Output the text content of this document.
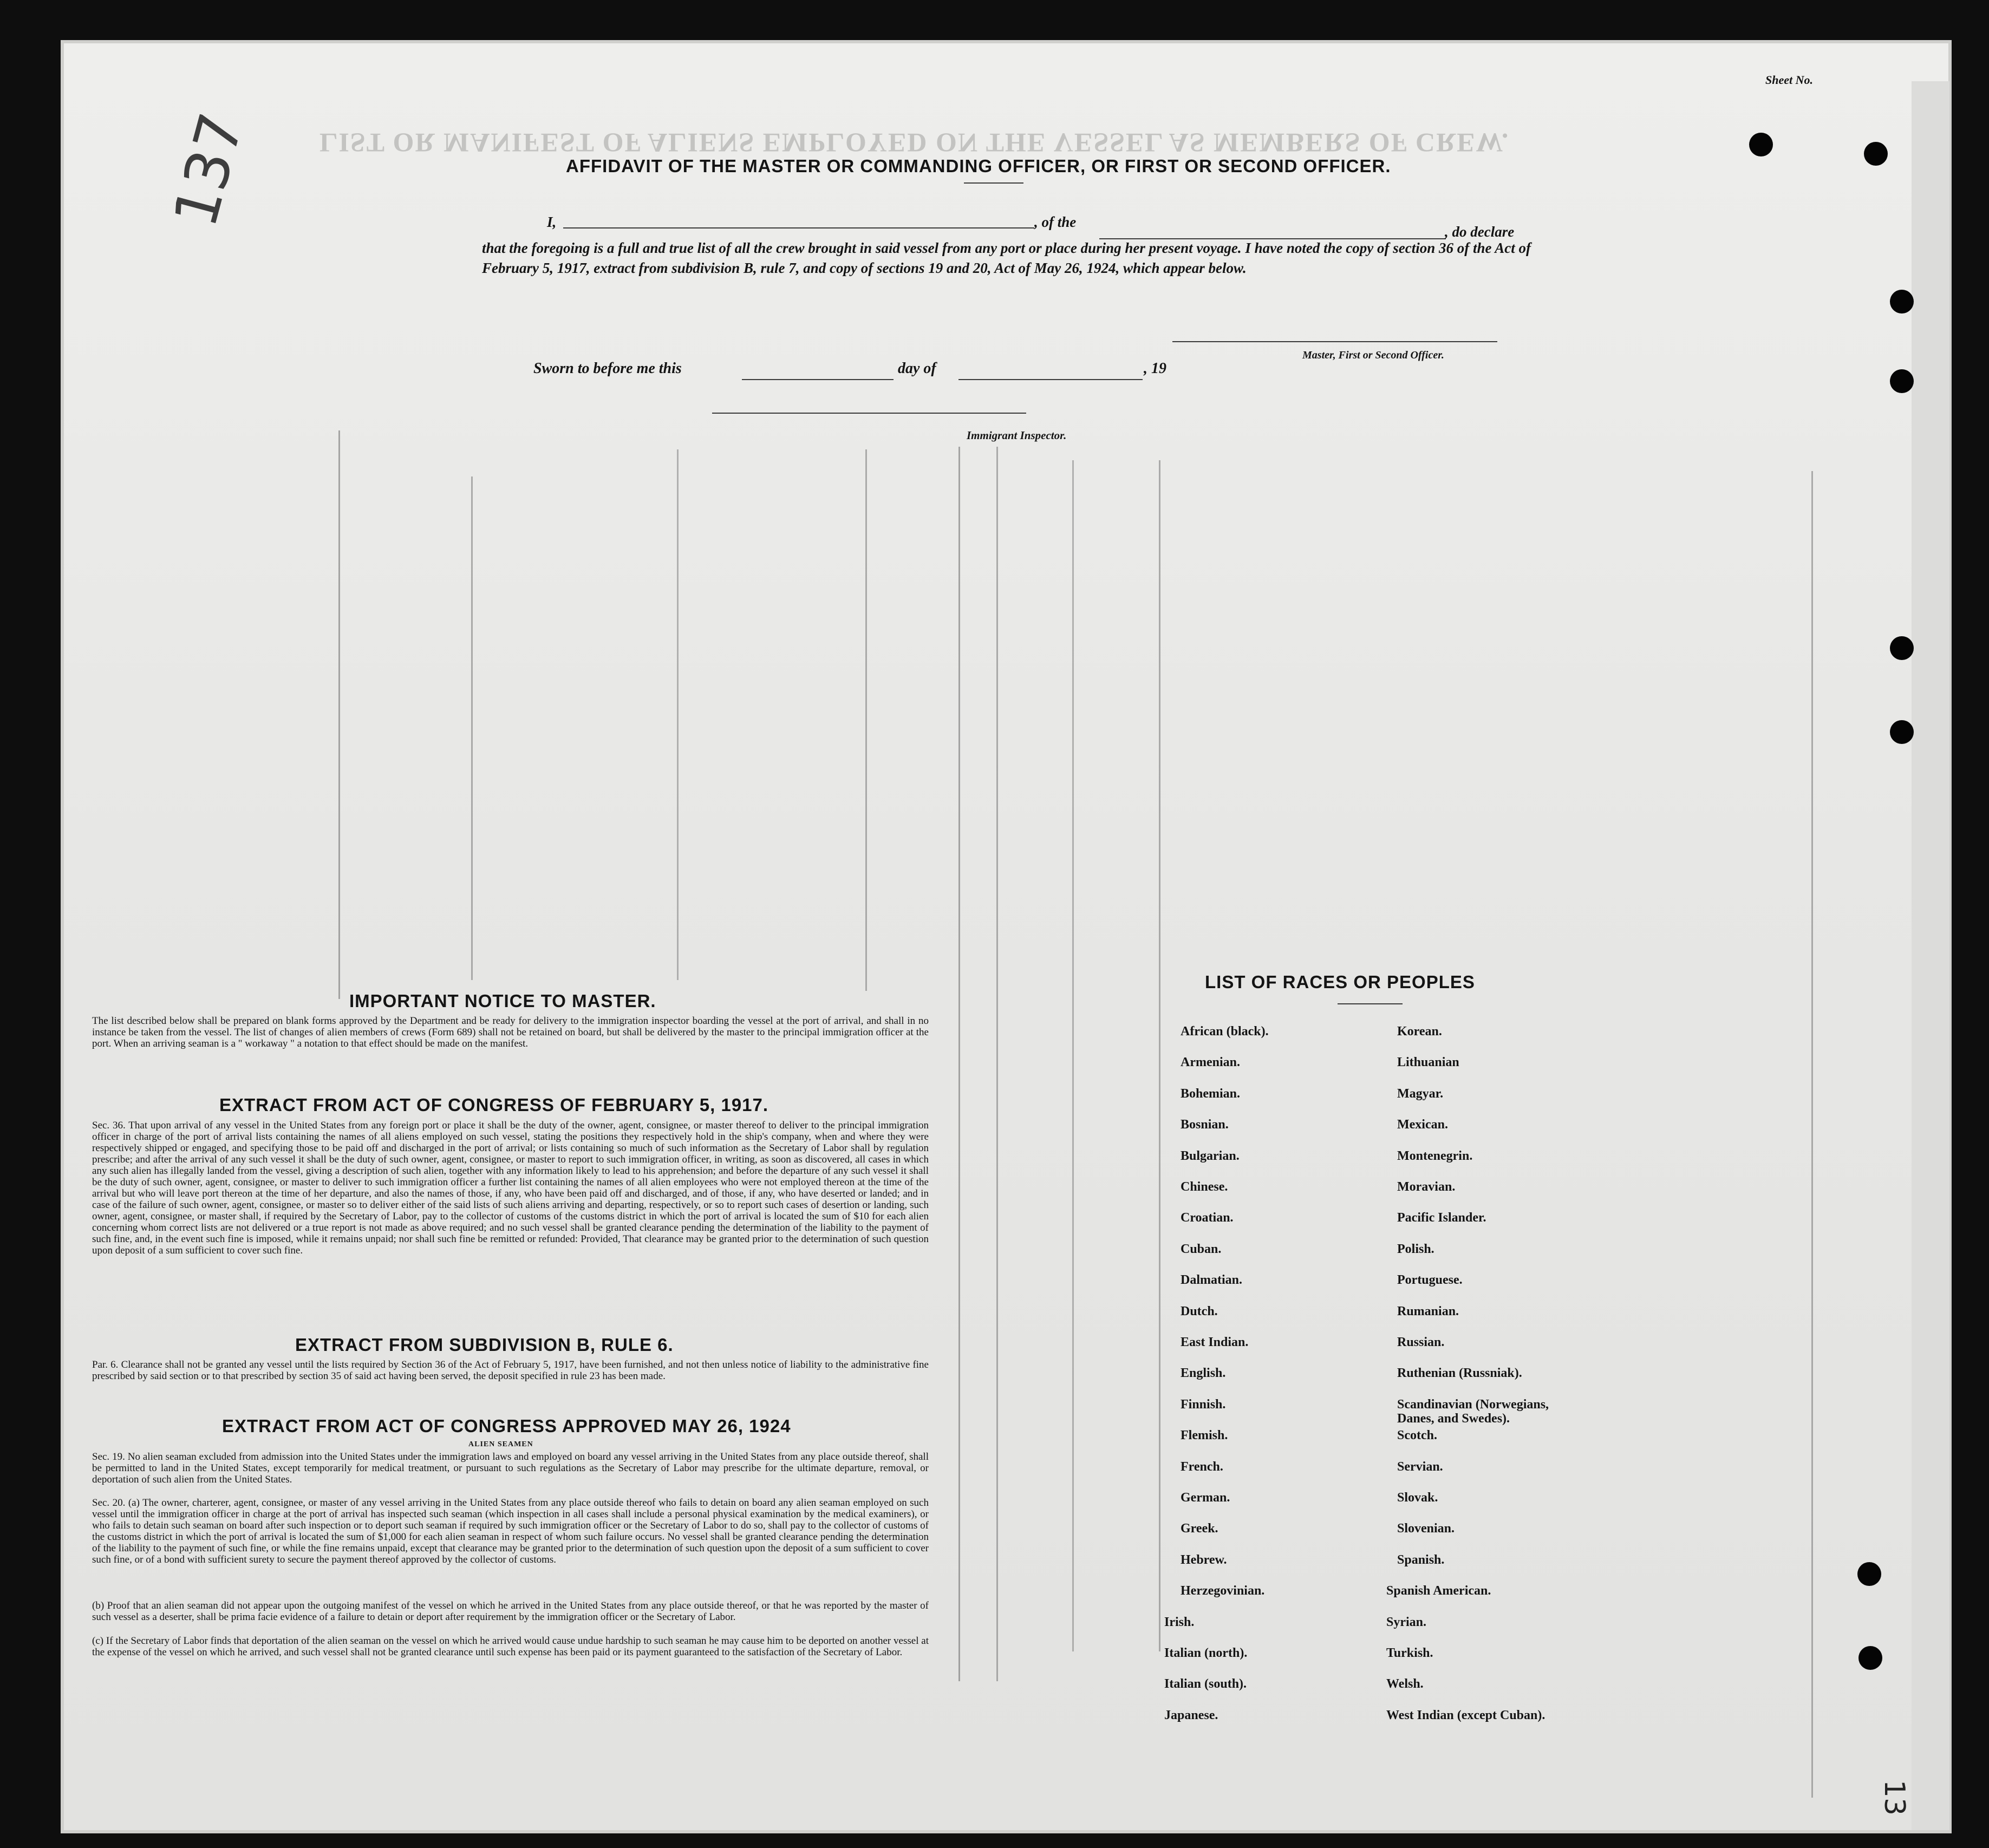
Sheet No.
137 LIST OR MANIFEST OF ALIENS EMPLOYED ON THE VESSEL AS MEMBERS OF CREW.
AFFIDAVIT OF THE MASTER OR COMMANDING OFFICER, OR FIRST OR SECOND OFFICER.
I,	, of the
, do declare
that the foregoing is a full and true list of all the crew brought in said vessel from any port or place during her present voyage. I have noted the copy of section 36 of the Act of February 5, 1917, extract from subdivision B, rule 7, and copy of sections 19 and 20, Act of May 26, 1924, which appear below.
Master, First or Second Officer.
Sworn to before me this	day of	, 19
Immigrant Inspector.
IMPORTANT NOTICE TO MASTER.
The list described below shall be prepared on blank forms approved by the Department and be ready for delivery to the immigration inspector boarding the vessel at the port of arrival, and shall in no instance be taken from the vessel. The list of changes of alien members of crews (Form 689) shall not be retained on board, but shall be delivered by the master to the principal immigration officer at the port. When an arriving seaman is a " workaway " a notation to that effect should be made on the manifest.
EXTRACT FROM ACT OF CONGRESS OF FEBRUARY 5, 1917.
Sec. 36. That upon arrival of any vessel in the United States from any foreign port or place it shall be the duty of the owner, agent, consignee, or master thereof to deliver to the principal immigration officer in charge of the port of arrival lists containing the names of all aliens employed on such vessel, stating the positions they respectively hold in the ship's company, when and where they were respectively shipped or engaged, and specifying those to be paid off and discharged in the port of arrival; or lists containing so much of such information as the Secretary of Labor shall by regulation prescribe; and after the arrival of any such vessel it shall be the duty of such owner, agent, consignee, or master to report to such immigration officer, in writing, as soon as discovered, all cases in which any such alien has illegally landed from the vessel, giving a description of such alien, together with any information likely to lead to his apprehension; and before the departure of any such vessel it shall be the duty of such owner, agent, consignee, or master to deliver to such immigration officer a further list containing the names of all alien employees who were not employed thereon at the time of the arrival but who will leave port thereon at the time of her departure, and also the names of those, if any, who have been paid off and discharged, and of those, if any, who have deserted or landed; and in case of the failure of such owner, agent, consignee, or master so to deliver either of the said lists of such aliens arriving and departing, respectively, or so to report such cases of desertion or landing, such owner, agent, consignee, or master shall, if required by the Secretary of Labor, pay to the collector of customs of the customs district in which the port of arrival is located the sum of $10 for each alien concerning whom correct lists are not delivered or a true report is not made as above required; and no such vessel shall be granted clearance pending the determination of the liability to the payment of such fine, and, in the event such fine is imposed, while it remains unpaid; nor shall such fine be remitted or refunded: Provided, That clearance may be granted prior to the determination of such question upon deposit of a sum sufficient to cover such fine.
EXTRACT FROM SUBDIVISION B, RULE 6.
Par. 6. Clearance shall not be granted any vessel until the lists required by Section 36 of the Act of February 5, 1917, have been furnished, and not then unless notice of liability to the administrative fine prescribed by said section or to that prescribed by section 35 of said act having been served, the deposit specified in rule 23 has been made.
EXTRACT FROM ACT OF CONGRESS APPROVED MAY 26, 1924
ALIEN SEAMEN
Sec. 19. No alien seaman excluded from admission into the United States under the immigration laws and employed on board any vessel arriving in the United States from any place outside thereof, shall be permitted to land in the United States, except temporarily for medical treatment, or pursuant to such regulations as the Secretary of Labor may prescribe for the ultimate departure, removal, or deportation of such alien from the United States.
Sec. 20. (a) The owner, charterer, agent, consignee, or master of any vessel arriving in the United States from any place outside thereof who fails to detain on board any alien seaman employed on such vessel until the immigration officer in charge at the port of arrival has inspected such seaman (which inspection in all cases shall include a personal physical examination by the medical examiners), or who fails to detain such seaman on board after such inspection or to deport such seaman if required by such immigration officer or the Secretary of Labor to do so, shall pay to the collector of customs of the customs district in which the port of arrival is located the sum of $1,000 for each alien seaman in respect of whom such failure occurs. No vessel shall be granted clearance pending the determination of the liability to the payment of such fine, or while the fine remains unpaid, except that clearance may be granted prior to the determination of such question upon the deposit of a sum sufficient to cover such fine, or of a bond with sufficient surety to secure the payment thereof approved by the collector of customs.
(b) Proof that an alien seaman did not appear upon the outgoing manifest of the vessel on which he arrived in the United States from any place outside thereof, or that he was reported by the master of such vessel as a deserter, shall be prima facie evidence of a failure to detain or deport after requirement by the immigration officer or the Secretary of Labor.
(c) If the Secretary of Labor finds that deportation of the alien seaman on the vessel on which he arrived would cause undue hardship to such seaman he may cause him to be deported on another vessel at the expense of the vessel on which he arrived, and such vessel shall not be granted clearance until such expense has been paid or its payment guaranteed to the satisfaction of the Secretary of Labor.
LIST OF RACES OR PEOPLES
African (black).
Armenian.
Bohemian.
Bosnian.
Bulgarian.
Chinese.
Croatian.
Cuban.
Dalmatian.
Dutch.
East Indian.
English.
Finnish.
Flemish.
French.
German.
Greek.
Hebrew.
Herzegovinian.
Irish.
Italian (north).
Italian (south).
Japanese.
Korean.
Lithuanian
Magyar.
Mexican.
Montenegrin.
Moravian.
Pacific Islander.
Polish.
Portuguese.
Rumanian.
Russian.
Ruthenian (Russniak).
Scandinavian (Norwegians, Danes, and Swedes).
Scotch.
Servian.
Slovak.
Slovenian.
Spanish.
Spanish American.
Syrian.
Turkish.
Welsh.
West Indian (except Cuban).
13
